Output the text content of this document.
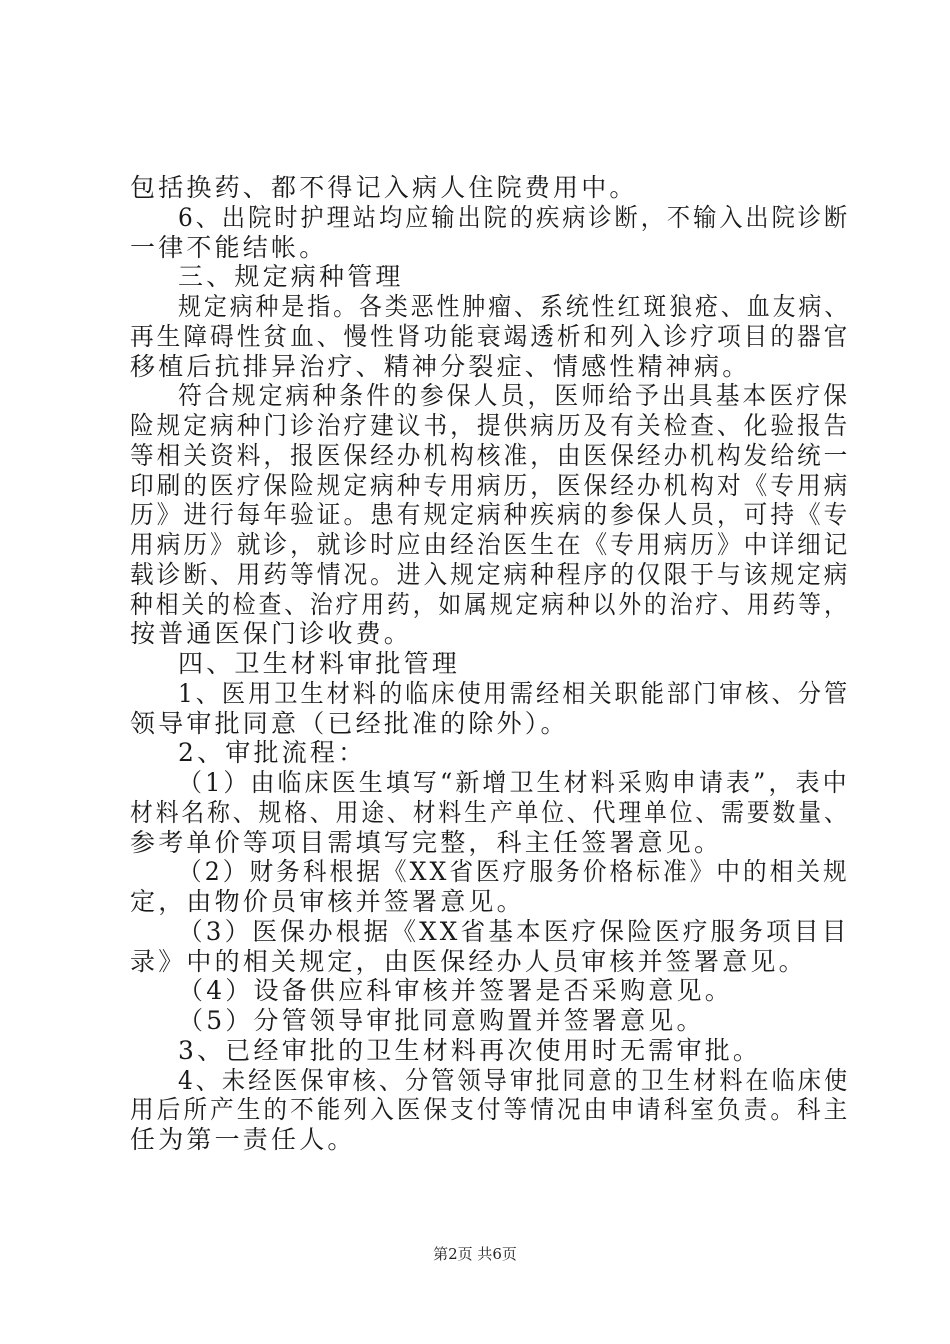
包括换药、都不得记入病人住院费用中。
6、出院时护理站均应输出院的疾病诊断，不输入出院诊断
一律不能结帐。
三、规定病种管理
规定病种是指。各类恶性肿瘤、系统性红斑狼疮、血友病、
再生障碍性贫血、慢性肾功能衰竭透析和列入诊疗项目的器官
移植后抗排异治疗、精神分裂症、情感性精神病。
符合规定病种条件的参保人员，医师给予出具基本医疗保
险规定病种门诊治疗建议书，提供病历及有关检查、化验报告
等相关资料，报医保经办机构核准，由医保经办机构发给统一
印刷的医疗保险规定病种专用病历，医保经办机构对《专用病
历》进行每年验证。患有规定病种疾病的参保人员，可持《专
用病历》就诊，就诊时应由经治医生在《专用病历》中详细记
载诊断、用药等情况。进入规定病种程序的仅限于与该规定病
种相关的检查、治疗用药，如属规定病种以外的治疗、用药等，
按普通医保门诊收费。
四、卫生材料审批管理
1、医用卫生材料的临床使用需经相关职能部门审核、分管
领导审批同意（已经批准的除外）。
2、审批流程：
（1）由临床医生填写“新增卫生材料采购申请表”，表中
材料名称、规格、用途、材料生产单位、代理单位、需要数量、
参考单价等项目需填写完整，科主任签署意见。
（2）财务科根据《XX省医疗服务价格标准》中的相关规
定，由物价员审核并签署意见。
（3）医保办根据《XX省基本医疗保险医疗服务项目目
录》中的相关规定，由医保经办人员审核并签署意见。
（4）设备供应科审核并签署是否采购意见。
（5）分管领导审批同意购置并签署意见。
3、已经审批的卫生材料再次使用时无需审批。
4、未经医保审核、分管领导审批同意的卫生材料在临床使
用后所产生的不能列入医保支付等情况由申请科室负责。科主
任为第一责任人。
第2页 共6页
